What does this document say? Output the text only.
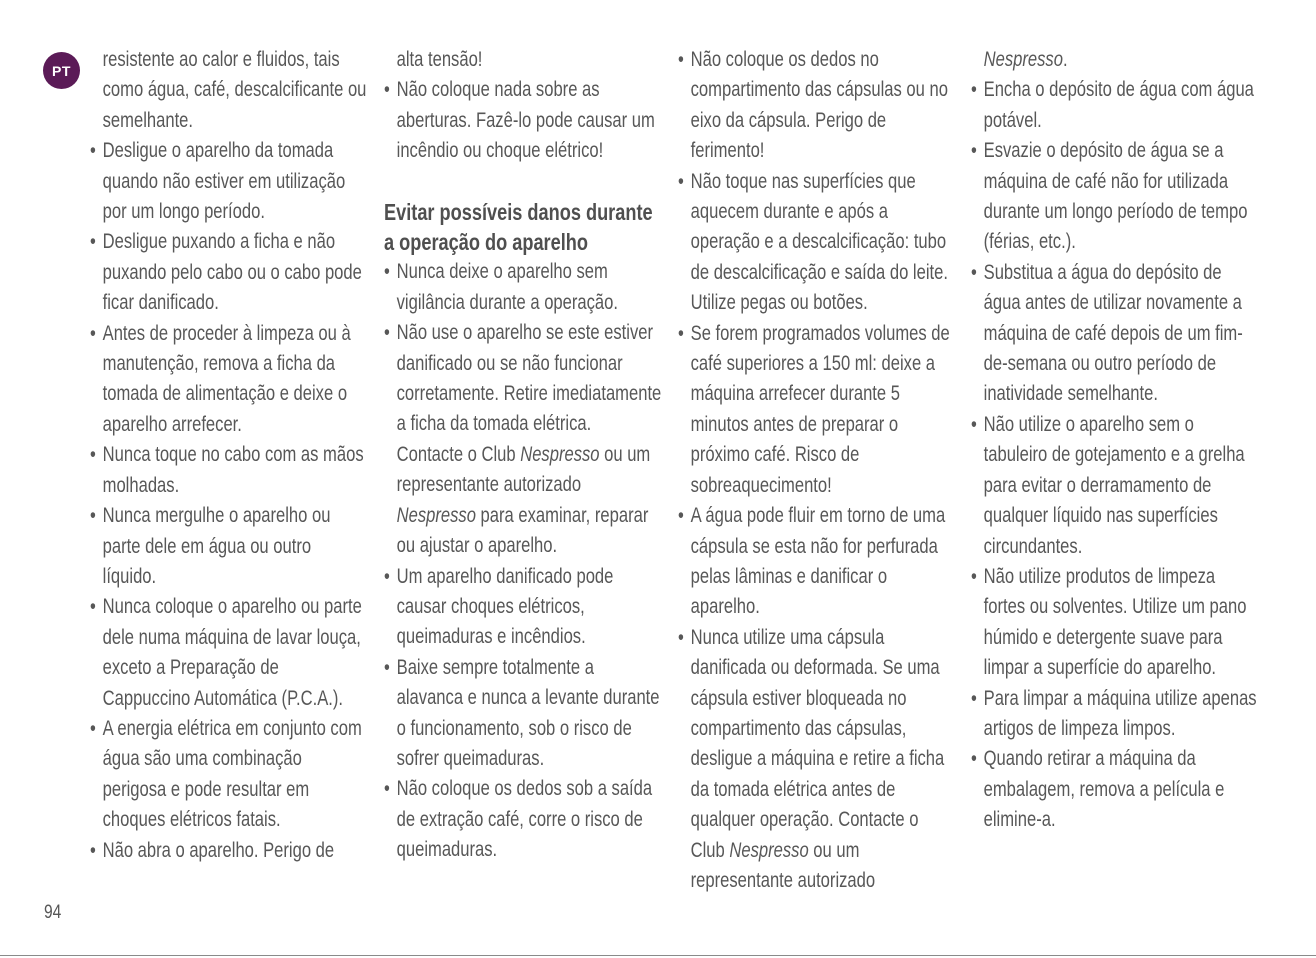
PT	resistente ao calor e fluidos, tais como água, café, descalcificante ou semelhante.

• Desligue o aparelho da tomada quando não estiver em utilização por um longo período.

• Desligue puxando a ficha e não puxando pelo cabo ou o cabo pode ficar danificado.

• Antes de proceder à limpeza ou à manutenção, remova a ficha da tomada de alimentação e deixe o aparelho arrefecer.

• Nunca toque no cabo com as mãos molhadas.

• Nunca mergulhe o aparelho ou parte dele em água ou outro líquido.

• Nunca coloque o aparelho ou parte dele numa máquina de lavar louça, exceto a Preparação de Cappuccino Automática (P.C.A.).

• A energia elétrica em conjunto com água são uma combinação perigosa e pode resultar em choques elétricos fatais.

• Não abra o aparelho. Perigo de

alta tensão!

• Não coloque nada sobre as aberturas. Fazê-lo pode causar um incêndio ou choque elétrico!

Evitar possíveis danos durante a operação do aparelho

• Nunca deixe o aparelho sem vigilância durante a operação.

• Não use o aparelho se este estiver danificado ou se não funcionar corretamente. Retire imediatamente a ficha da tomada elétrica. Contacte o Club Nespresso ou um representante autorizado Nespresso para examinar, reparar ou ajustar o aparelho.

• Um aparelho danificado pode causar choques elétricos, queimaduras e incêndios.

• Baixe sempre totalmente a alavanca e nunca a levante durante o funcionamento, sob o risco de sofrer queimaduras.

• Não coloque os dedos sob a saída de extração café, corre o risco de queimaduras.

• Não coloque os dedos no compartimento das cápsulas ou no eixo da cápsula. Perigo de ferimento!

• Não toque nas superfícies que aquecem durante e após a operação e a descalcificação: tubo de descalcificação e saída do leite. Utilize pegas ou botões.

• Se forem programados volumes de café superiores a 150 ml: deixe a máquina arrefecer durante 5 minutos antes de preparar o próximo café. Risco de sobreaquecimento!

• A água pode fluir em torno de uma cápsula se esta não for perfurada pelas lâminas e danificar o aparelho.

• Nunca utilize uma cápsula danificada ou deformada. Se uma cápsula estiver bloqueada no compartimento das cápsulas, desligue a máquina e retire a ficha da tomada elétrica antes de qualquer operação. Contacte o Club Nespresso ou um representante autorizado

Nespresso.

• Encha o depósito de água com água potável.

• Esvazie o depósito de água se a máquina de café não for utilizada durante um longo período de tempo (férias, etc.).

• Substitua a água do depósito de água antes de utilizar novamente a máquina de café depois de um fim-de-semana ou outro período de inatividade semelhante.

• Não utilize o aparelho sem o tabuleiro de gotejamento e a grelha para evitar o derramamento de qualquer líquido nas superfícies circundantes.

• Não utilize produtos de limpeza fortes ou solventes. Utilize um pano húmido e detergente suave para limpar a superfície do aparelho.

• Para limpar a máquina utilize apenas artigos de limpeza limpos.

• Quando retirar a máquina da embalagem, remova a película e elimine-a.

94
